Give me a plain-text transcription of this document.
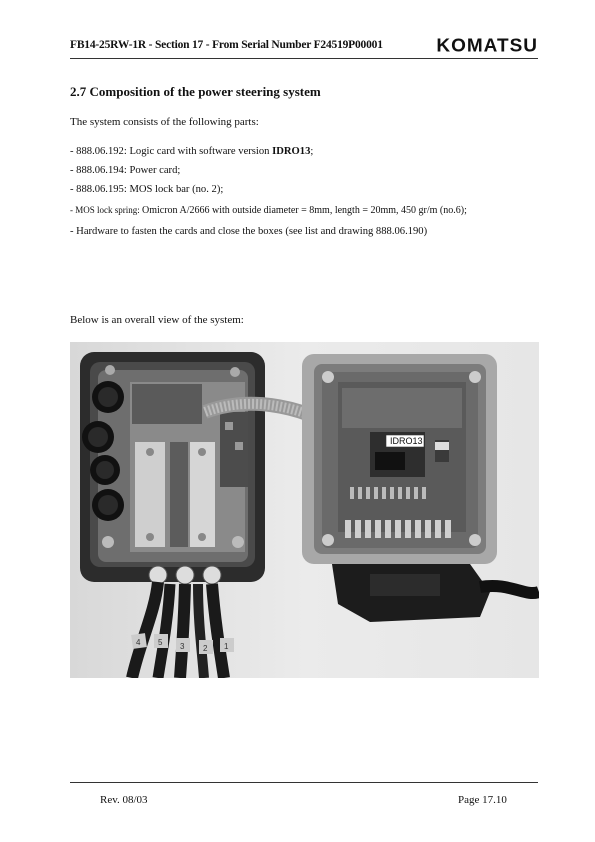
FB14-25RW-1R - Section 17 - From Serial Number F24519P00001	KOMATSU
2.7 Composition of the power steering system
The system consists of the following parts:
- 888.06.192: Logic card with software version IDRO13;
- 888.06.194: Power card;
- 888.06.195: MOS lock bar (no. 2);
- MOS lock spring: Omicron A/2666 with outside diameter = 8mm, length = 20mm, 450 gr/m (no.6);
- Hardware to fasten the cards and close the boxes (see list and drawing 888.06.190)
Below is an overall view of the system:
4 5 3 2 1
IDRO13
Rev. 08/03	Page 17.10
